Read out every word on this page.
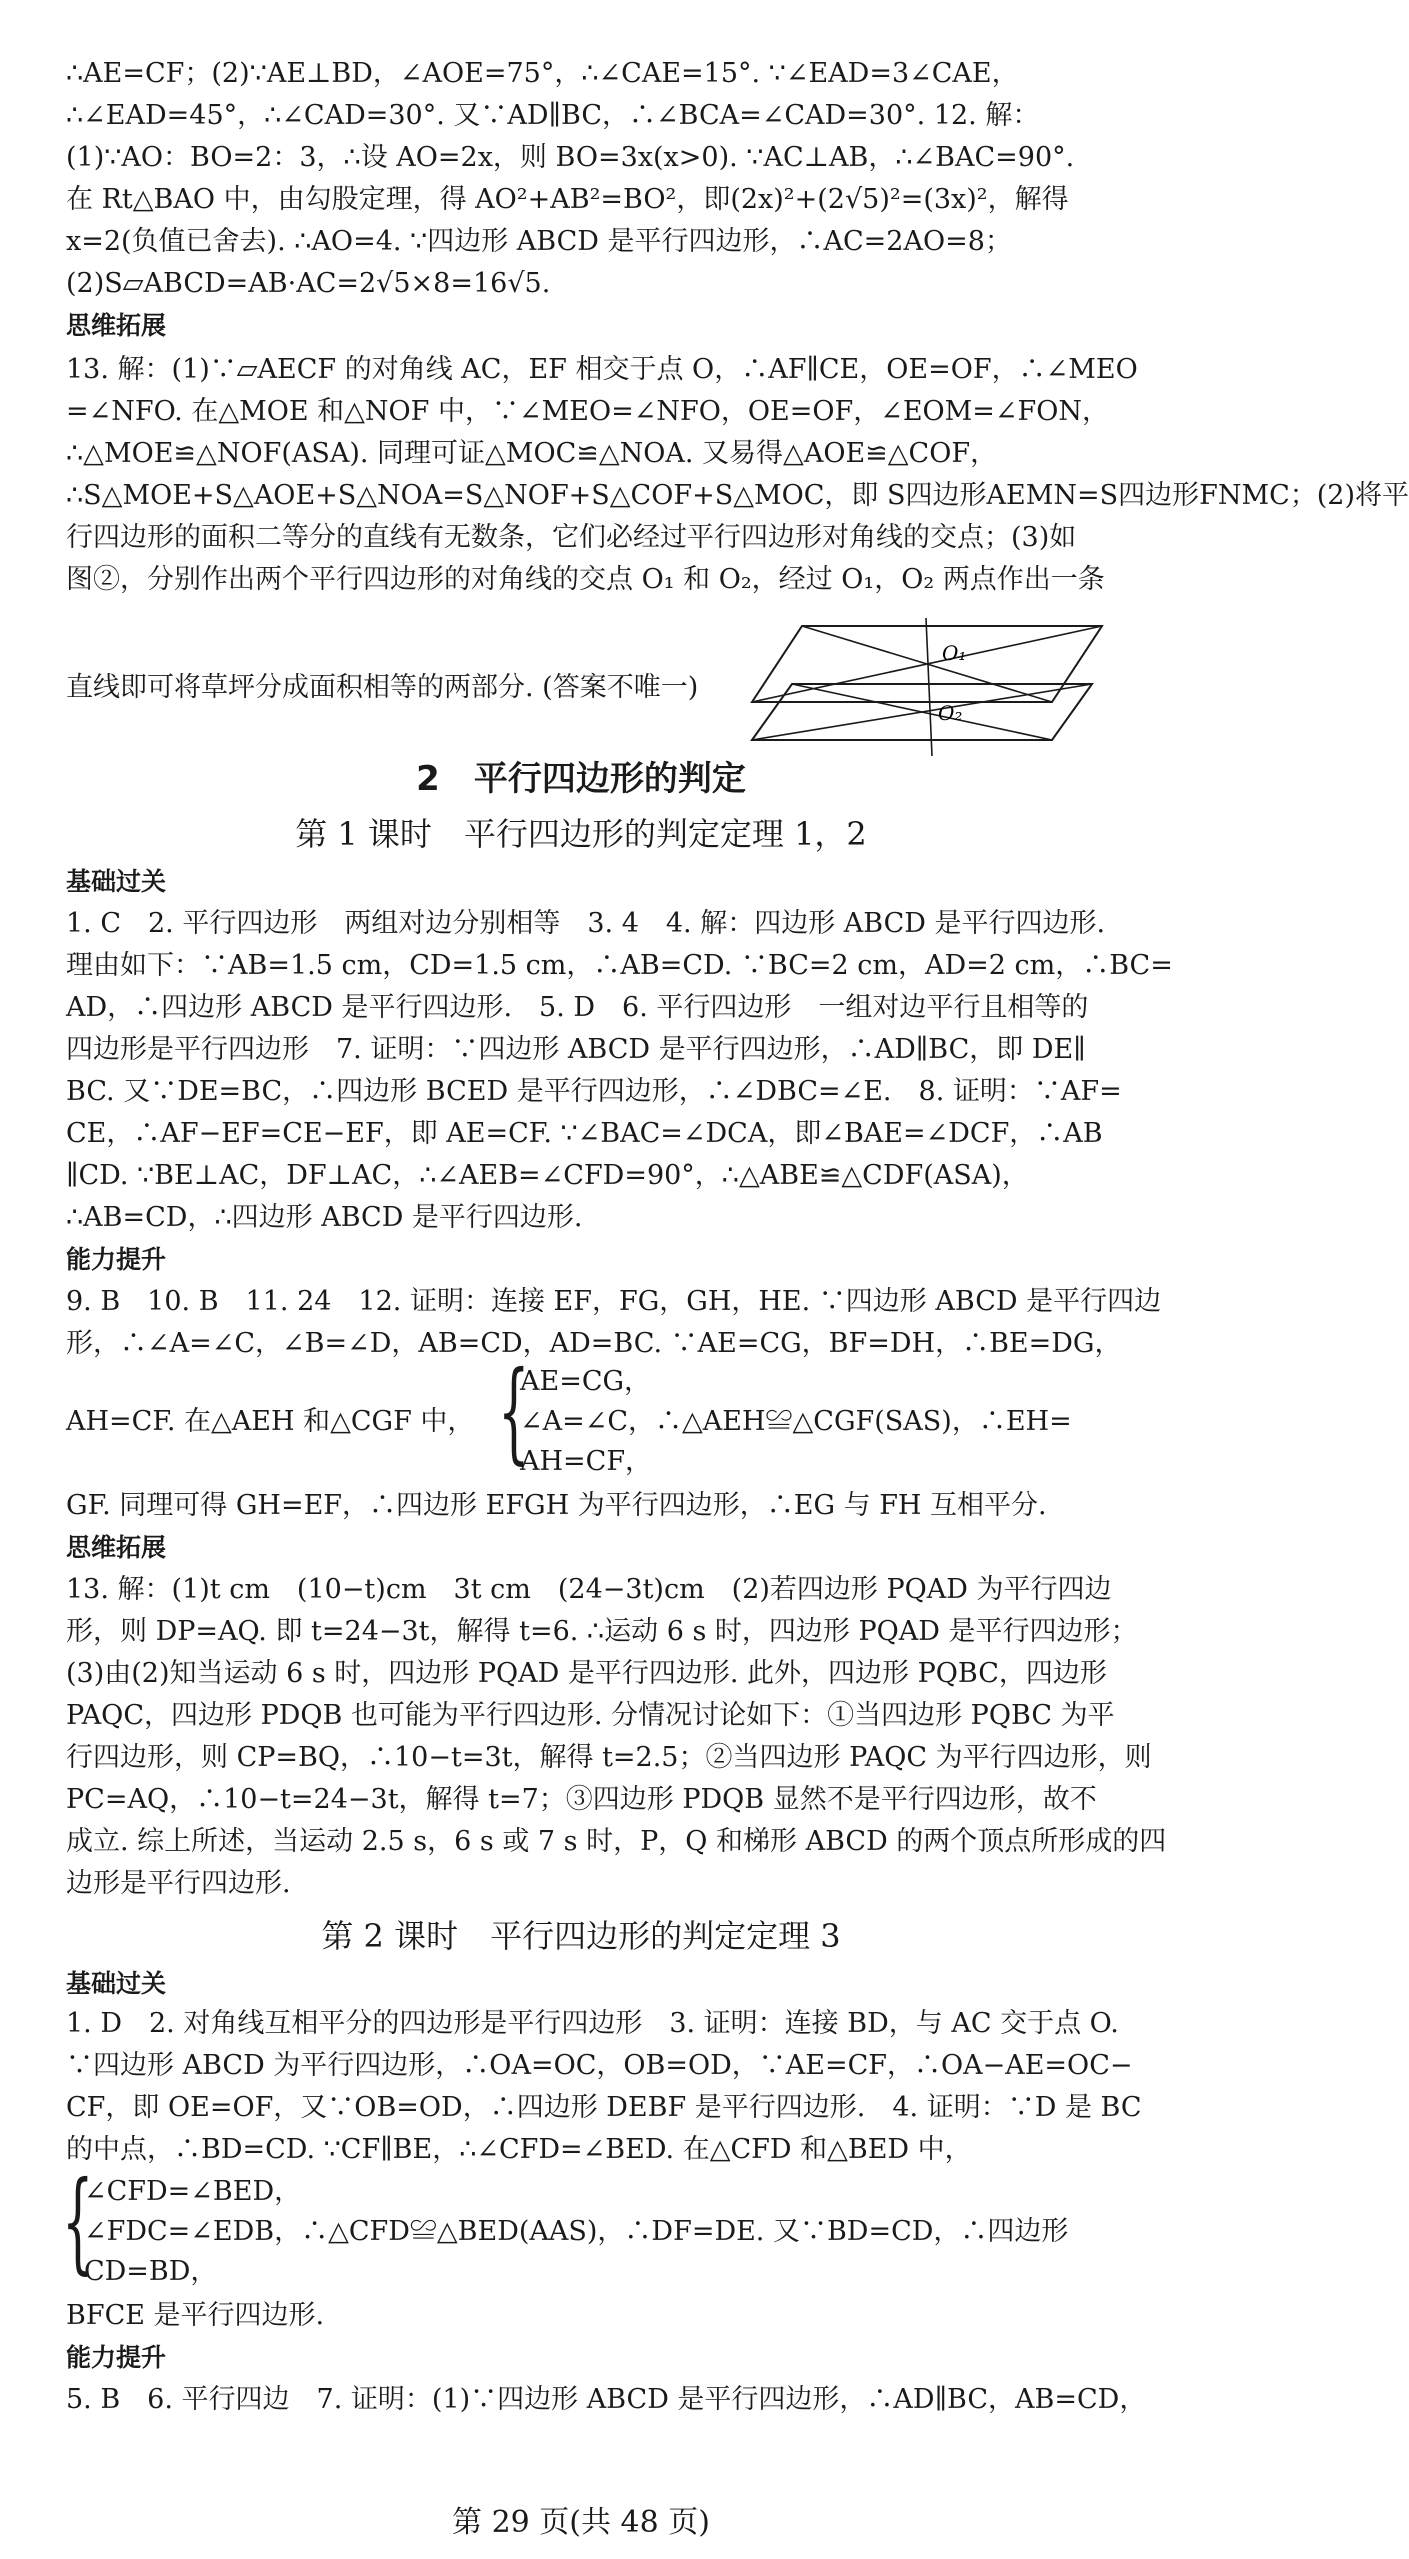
∴AE=CF；(2)∵AE⊥BD，∠AOE=75°，∴∠CAE=15°. ∵∠EAD=3∠CAE，
∴∠EAD=45°，∴∠CAD=30°. 又∵AD∥BC，∴∠BCA=∠CAD=30°. 12. 解：
(1)∵AO：BO=2：3，∴设 AO=2x，则 BO=3x(x>0). ∵AC⊥AB，∴∠BAC=90°.
在 Rt△BAO 中，由勾股定理，得 AO²+AB²=BO²，即(2x)²+(2√5)²=(3x)²，解得
x=2(负值已舍去). ∴AO=4. ∵四边形 ABCD 是平行四边形，∴AC=2AO=8；
(2)S▱ABCD=AB·AC=2√5×8=16√5.
思维拓展
13. 解：(1)∵▱AECF 的对角线 AC，EF 相交于点 O，∴AF∥CE，OE=OF，∴∠MEO
=∠NFO. 在△MOE 和△NOF 中，∵∠MEO=∠NFO，OE=OF，∠EOM=∠FON，
∴△MOE≌△NOF(ASA). 同理可证△MOC≌△NOA. 又易得△AOE≌△COF，
∴S△MOE+S△AOE+S△NOA=S△NOF+S△COF+S△MOC，即 S四边形AEMN=S四边形FNMC；(2)将平
行四边形的面积二等分的直线有无数条，它们必经过平行四边形对角线的交点；(3)如
图②，分别作出两个平行四边形的对角线的交点 O₁ 和 O₂，经过 O₁，O₂ 两点作出一条
直线即可将草坪分成面积相等的两部分. (答案不唯一)
O₁
O₂
2　平行四边形的判定
第 1 课时　平行四边形的判定定理 1，2
基础过关
1. C　2. 平行四边形　两组对边分别相等　3. 4　4. 解：四边形 ABCD 是平行四边形.
理由如下：∵AB=1.5 cm，CD=1.5 cm，∴AB=CD. ∵BC=2 cm，AD=2 cm，∴BC=
AD，∴四边形 ABCD 是平行四边形.　5. D　6. 平行四边形　一组对边平行且相等的
四边形是平行四边形　7. 证明：∵四边形 ABCD 是平行四边形，∴AD∥BC，即 DE∥
BC. 又∵DE=BC，∴四边形 BCED 是平行四边形，∴∠DBC=∠E.　8. 证明：∵AF=
CE，∴AF−EF=CE−EF，即 AE=CF. ∵∠BAC=∠DCA，即∠BAE=∠DCF，∴AB
∥CD. ∵BE⊥AC，DF⊥AC，∴∠AEB=∠CFD=90°，∴△ABE≌△CDF(ASA)，
∴AB=CD，∴四边形 ABCD 是平行四边形.
能力提升
9. B　10. B　11. 24　12. 证明：连接 EF，FG，GH，HE. ∵四边形 ABCD 是平行四边
形，∴∠A=∠C，∠B=∠D，AB=CD，AD=BC. ∵AE=CG，BF=DH，∴BE=DG，
AH=CF. 在△AEH 和△CGF 中， {
AE=CG，
∠A=∠C，∴△AEH≌△CGF(SAS)，∴EH=
AH=CF，
GF. 同理可得 GH=EF，∴四边形 EFGH 为平行四边形，∴EG 与 FH 互相平分.
思维拓展
13. 解：(1)t cm　(10−t)cm　3t cm　(24−3t)cm　(2)若四边形 PQAD 为平行四边
形，则 DP=AQ. 即 t=24−3t，解得 t=6. ∴运动 6 s 时，四边形 PQAD 是平行四边形；
(3)由(2)知当运动 6 s 时，四边形 PQAD 是平行四边形. 此外，四边形 PQBC，四边形
PAQC，四边形 PDQB 也可能为平行四边形. 分情况讨论如下：①当四边形 PQBC 为平
行四边形，则 CP=BQ，∴10−t=3t，解得 t=2.5；②当四边形 PAQC 为平行四边形，则
PC=AQ，∴10−t=24−3t，解得 t=7；③四边形 PDQB 显然不是平行四边形，故不
成立. 综上所述，当运动 2.5 s，6 s 或 7 s 时，P，Q 和梯形 ABCD 的两个顶点所形成的四
边形是平行四边形.
第 2 课时　平行四边形的判定定理 3
基础过关
1. D　2. 对角线互相平分的四边形是平行四边形　3. 证明：连接 BD，与 AC 交于点 O.
∵四边形 ABCD 为平行四边形，∴OA=OC，OB=OD，∵AE=CF，∴OA−AE=OC−
CF，即 OE=OF，又∵OB=OD，∴四边形 DEBF 是平行四边形.　4. 证明：∵D 是 BC
的中点，∴BD=CD. ∵CF∥BE，∴∠CFD=∠BED. 在△CFD 和△BED 中，
{
∠CFD=∠BED，
∠FDC=∠EDB，∴△CFD≌△BED(AAS)，∴DF=DE. 又∵BD=CD，∴四边形
CD=BD，
BFCE 是平行四边形.
能力提升
5. B　6. 平行四边　7. 证明：(1)∵四边形 ABCD 是平行四边形，∴AD∥BC，AB=CD，
第 29 页(共 48 页)
